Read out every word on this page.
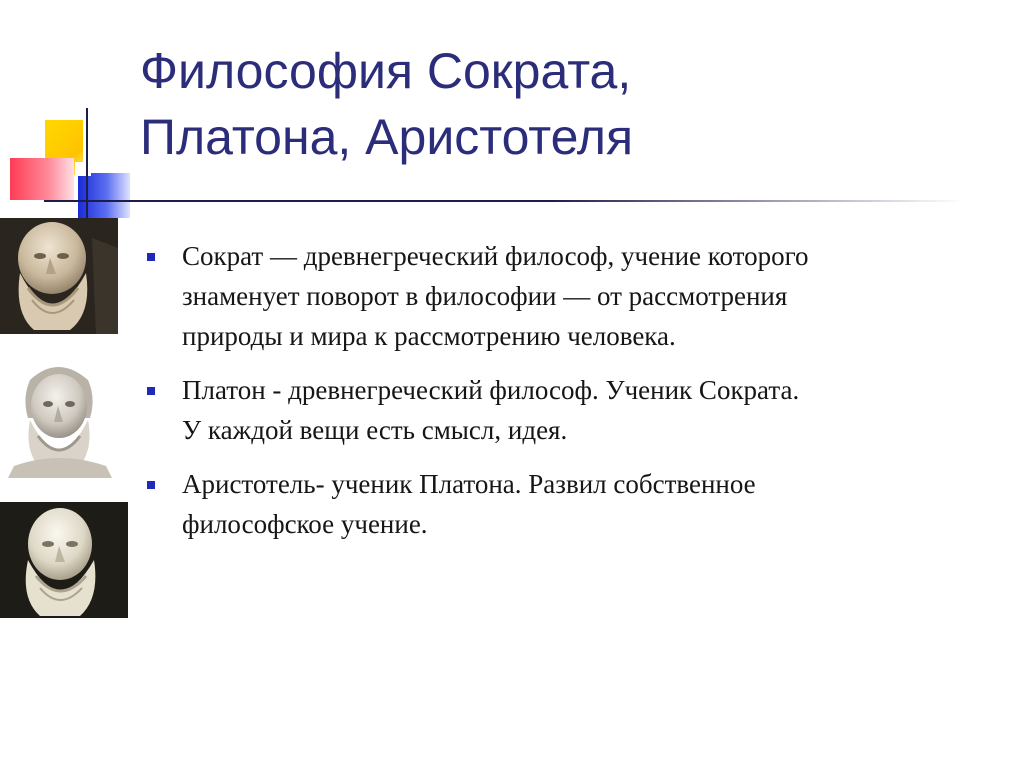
Философия Сократа,
Платона, Аристотеля
Сократ — древнегреческий философ, учение которого
знаменует поворот в философии — от рассмотрения
природы и мира к рассмотрению человека.
Платон - древнегреческий философ. Ученик Сократа.
У каждой вещи есть смысл, идея.
Аристотель- ученик Платона. Развил собственное
философское учение.
